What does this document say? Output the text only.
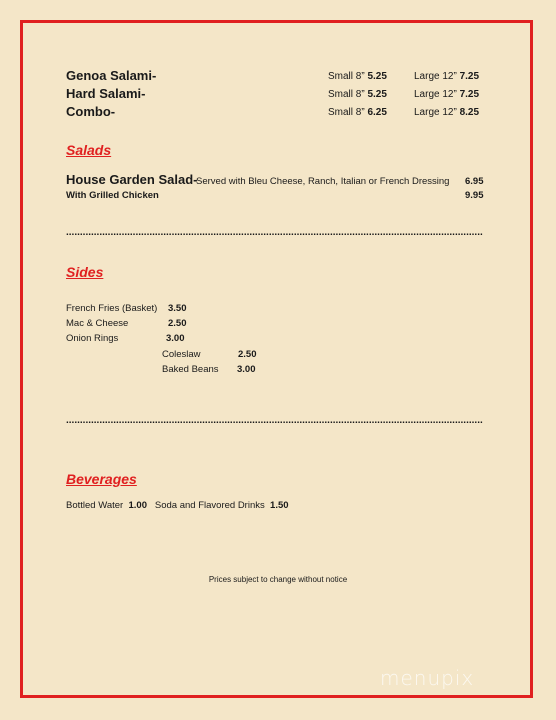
Genoa Salami-	Small 8” 5.25	Large 12” 7.25
Hard Salami-	Small 8” 5.25	Large 12” 7.25
Combo-	Small 8” 6.25	Large 12” 8.25
Salads
House Garden Salad-
Served with Bleu Cheese, Ranch, Italian or French Dressing 6.95
With Grilled Chicken	9.95
......................................................................................................................................................
Sides
French Fries (Basket) 3.50
Mac & Cheese	2.50
Onion Rings	3.00
Coleslaw	2.50
Baked Beans 3.00
......................................................................................................................................................
Beverages
Bottled Water 1.00 Soda and Flavored Drinks 1.50
Prices subject to change without notice
menupix
